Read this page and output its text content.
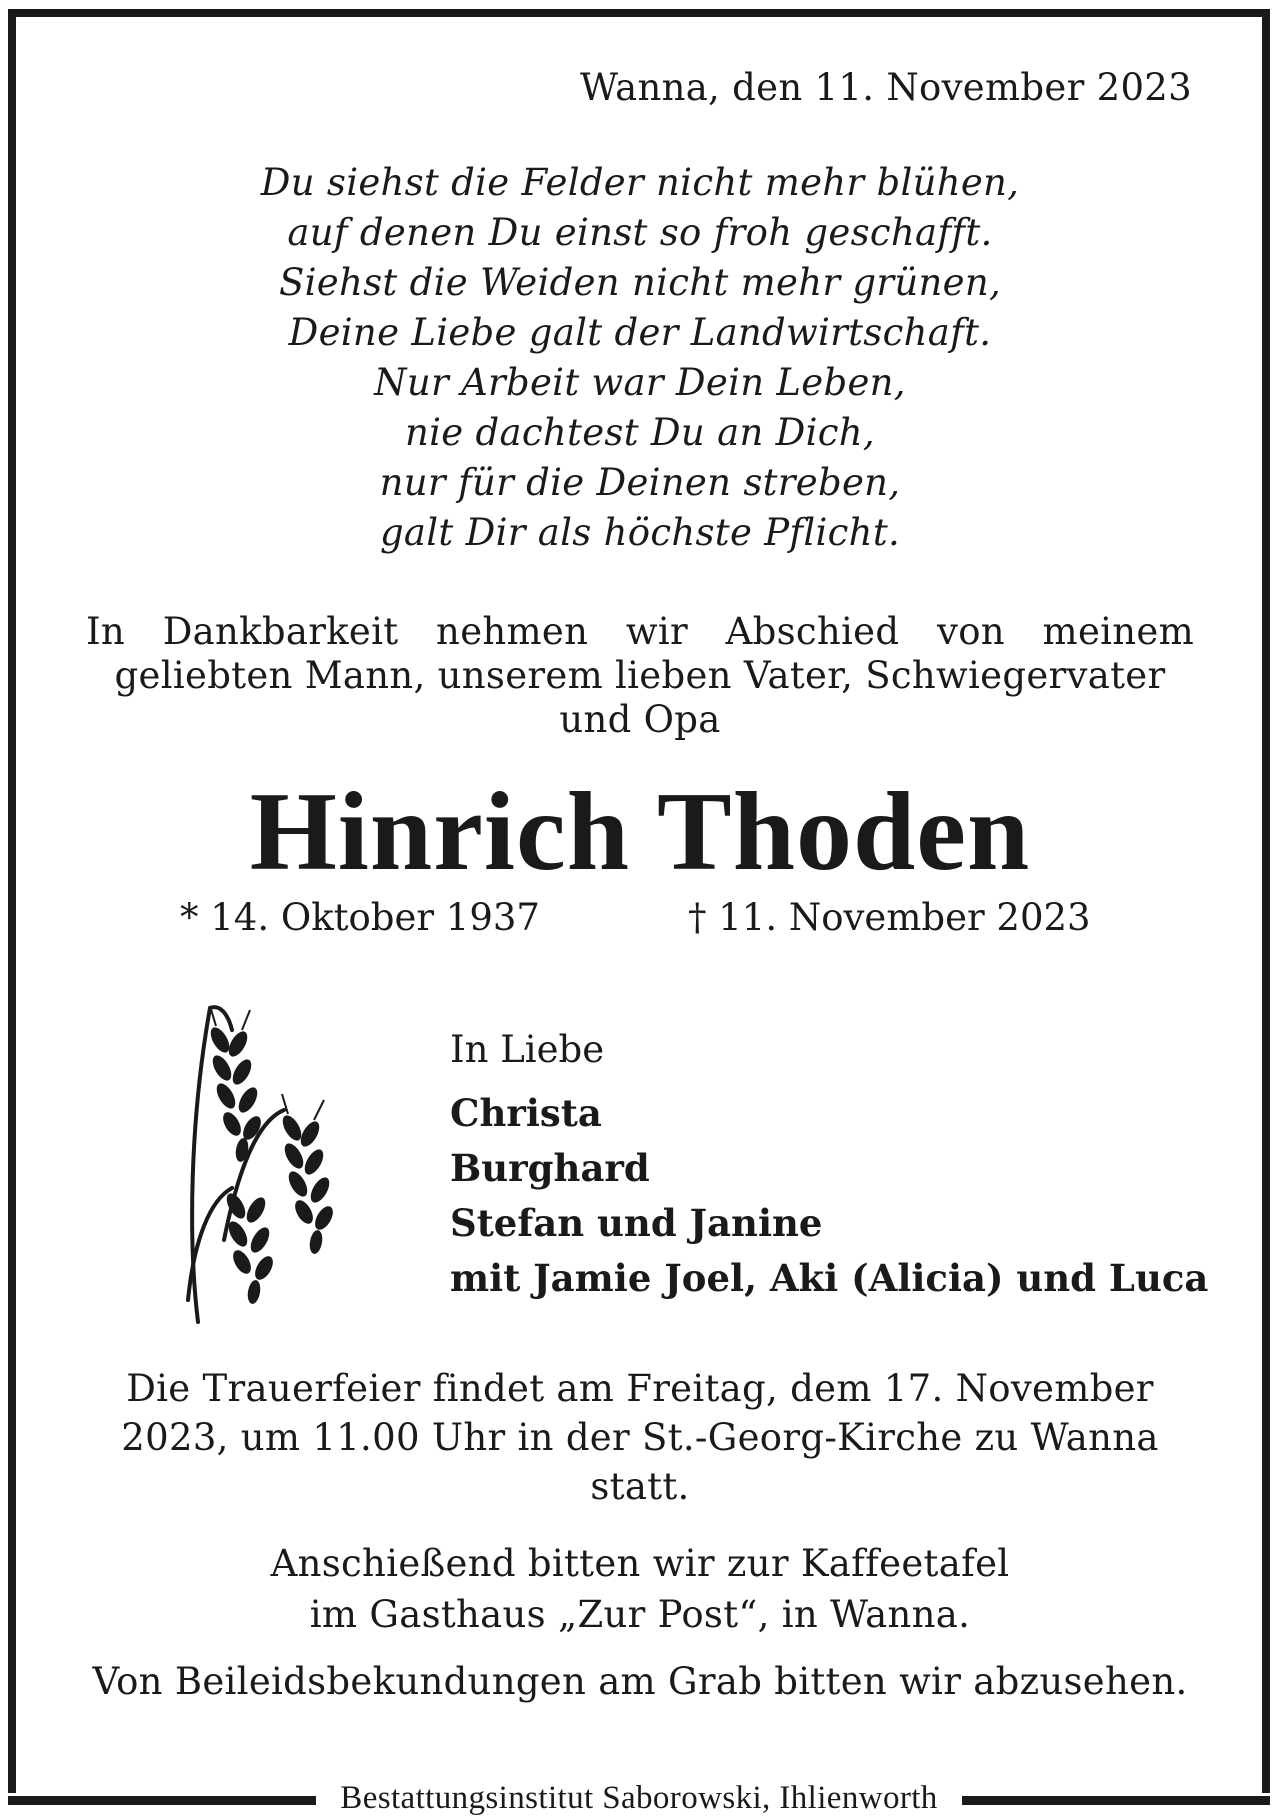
Wanna, den 11. November 2023
Du siehst die Felder nicht mehr blühen,
auf denen Du einst so froh geschafft.
Siehst die Weiden nicht mehr grünen,
Deine Liebe galt der Landwirtschaft.
Nur Arbeit war Dein Leben,
nie dachtest Du an Dich,
nur für die Deinen streben,
galt Dir als höchste Pflicht.
In Dankbarkeit nehmen wir Abschied von meinem
geliebten Mann, unserem lieben Vater, Schwiegervater
und Opa
Hinrich Thoden
* 14. Oktober 1937	† 11. November 2023
In Liebe
Christa
Burghard
Stefan und Janine
mit Jamie Joel, Aki (Alicia) und Luca
Die Trauerfeier findet am Freitag, dem 17. November
2023, um 11.00 Uhr in der St.-Georg-Kirche zu Wanna
statt.
Anschießend bitten wir zur Kaffeetafel
im Gasthaus „Zur Post“, in Wanna.
Von Beileidsbekundungen am Grab bitten wir abzusehen.
Bestattungsinstitut Saborowski, Ihlienworth
